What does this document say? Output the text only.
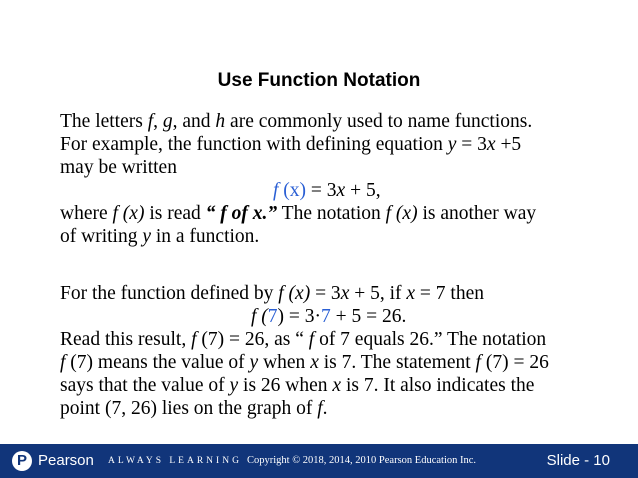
Use Function Notation
The letters f, g, and h are commonly used to name functions.
For example, the function with defining equation y = 3x +5
may be written
f (x) = 3x + 5,
where f (x) is read “ f of x.” The notation f (x) is another way
of writing y in a function.
For the function defined by f (x) = 3x + 5, if x = 7 then
f (7) = 3·7 + 5 = 26.
Read this result, f (7) = 26, as “ f of 7 equals 26.” The notation
f (7) means the value of y when x is 7. The statement f (7) = 26
says that the value of y is 26 when x is 7. It also indicates the
point (7, 26) lies on the graph of f.
P Pearson ALWAYS LEARNING Copyright © 2018, 2014, 2010 Pearson Education Inc.	Slide - 10
